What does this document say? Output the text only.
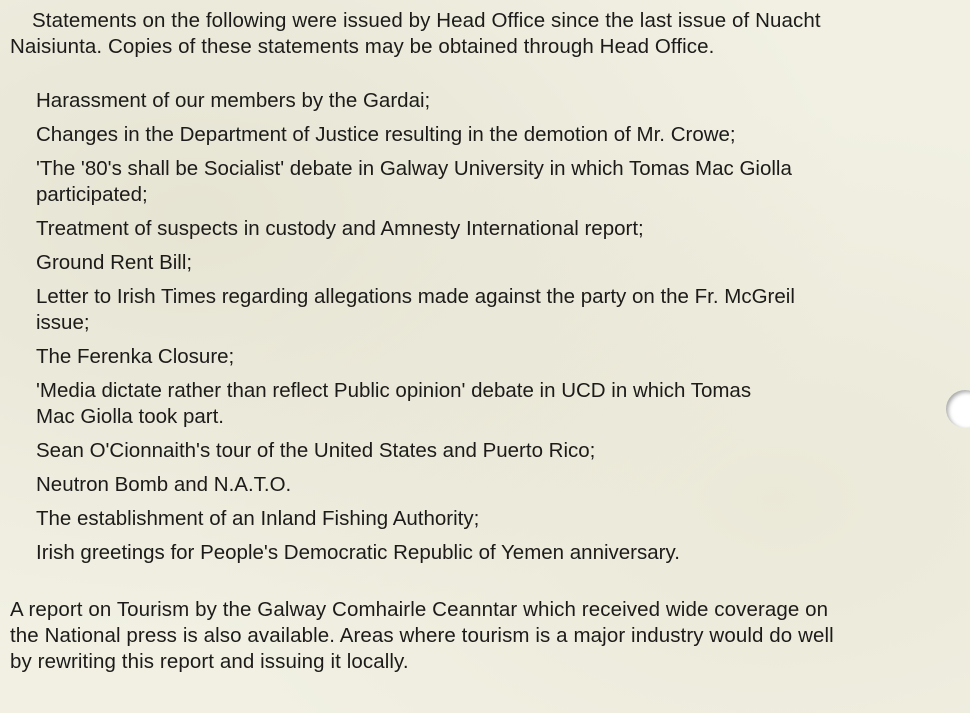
Statements on the following were issued by Head Office since the last issue of Nuacht
Naisiunta. Copies of these statements may be obtained through Head Office.
Harassment of our members by the Gardai;
Changes in the Department of Justice resulting in the demotion of Mr. Crowe;
'The '80's shall be Socialist' debate in Galway University in which Tomas Mac Giolla
participated;
Treatment of suspects in custody and Amnesty International report;
Ground Rent Bill;
Letter to Irish Times regarding allegations made against the party on the Fr. McGreil
issue;
The Ferenka Closure;
'Media dictate rather than reflect Public opinion' debate in UCD in which Tomas
Mac Giolla took part.
Sean O'Cionnaith's tour of the United States and Puerto Rico;
Neutron Bomb and N.A.T.O.
The establishment of an Inland Fishing Authority;
Irish greetings for People's Democratic Republic of Yemen anniversary.
A report on Tourism by the Galway Comhairle Ceanntar which received wide coverage on
the National press is also available. Areas where tourism is a major industry would do well
by rewriting this report and issuing it locally.
